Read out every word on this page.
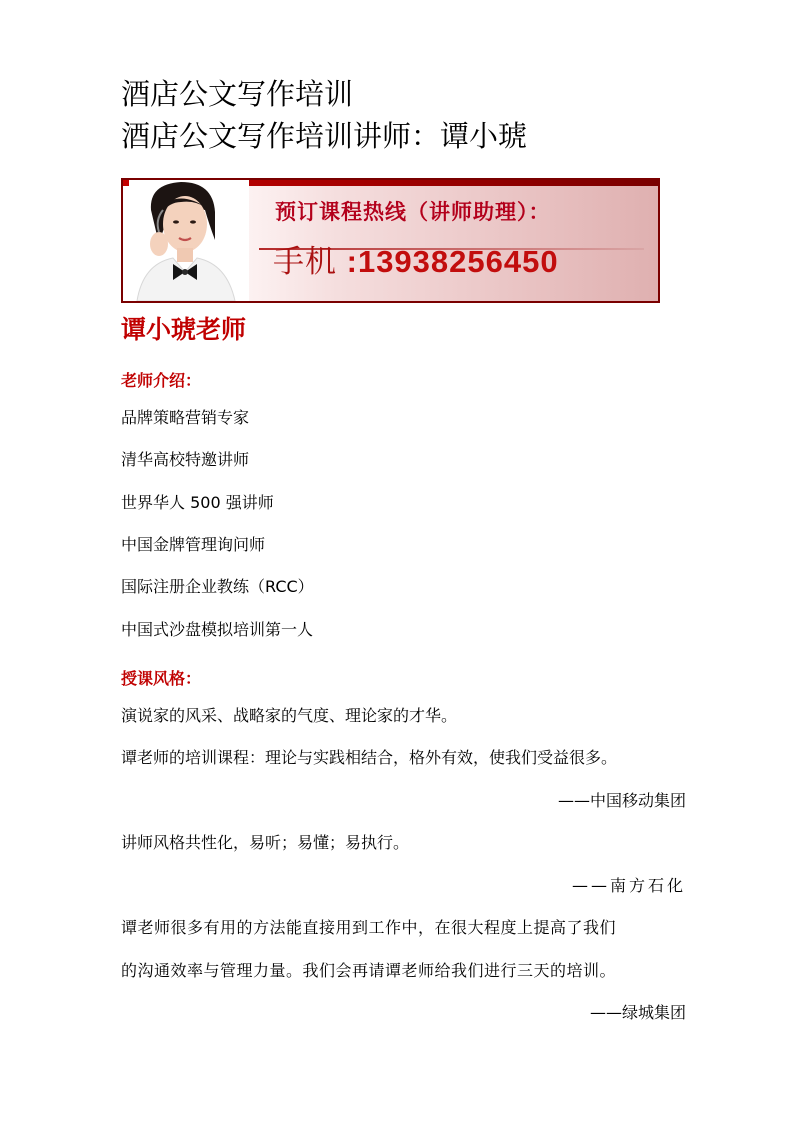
酒店公文写作培训
酒店公文写作培训讲师：谭小琥
预订课程热线（讲师助理）：
手机 :13938256450
谭小琥老师
老师介绍：
品牌策略营销专家
清华高校特邀讲师
世界华人 500 强讲师
中国金牌管理询问师
国际注册企业教练（RCC）
中国式沙盘模拟培训第一人
授课风格：
演说家的风采、战略家的气度、理论家的才华。
谭老师的培训课程：理论与实践相结合，格外有效，使我们受益很多。
——中国移动集团
讲师风格共性化，易听；易懂；易执行。
——南方石化
谭老师很多有用的方法能直接用到工作中，在很大程度上提高了我们
的沟通效率与管理力量。我们会再请谭老师给我们进行三天的培训。
——绿城集团
